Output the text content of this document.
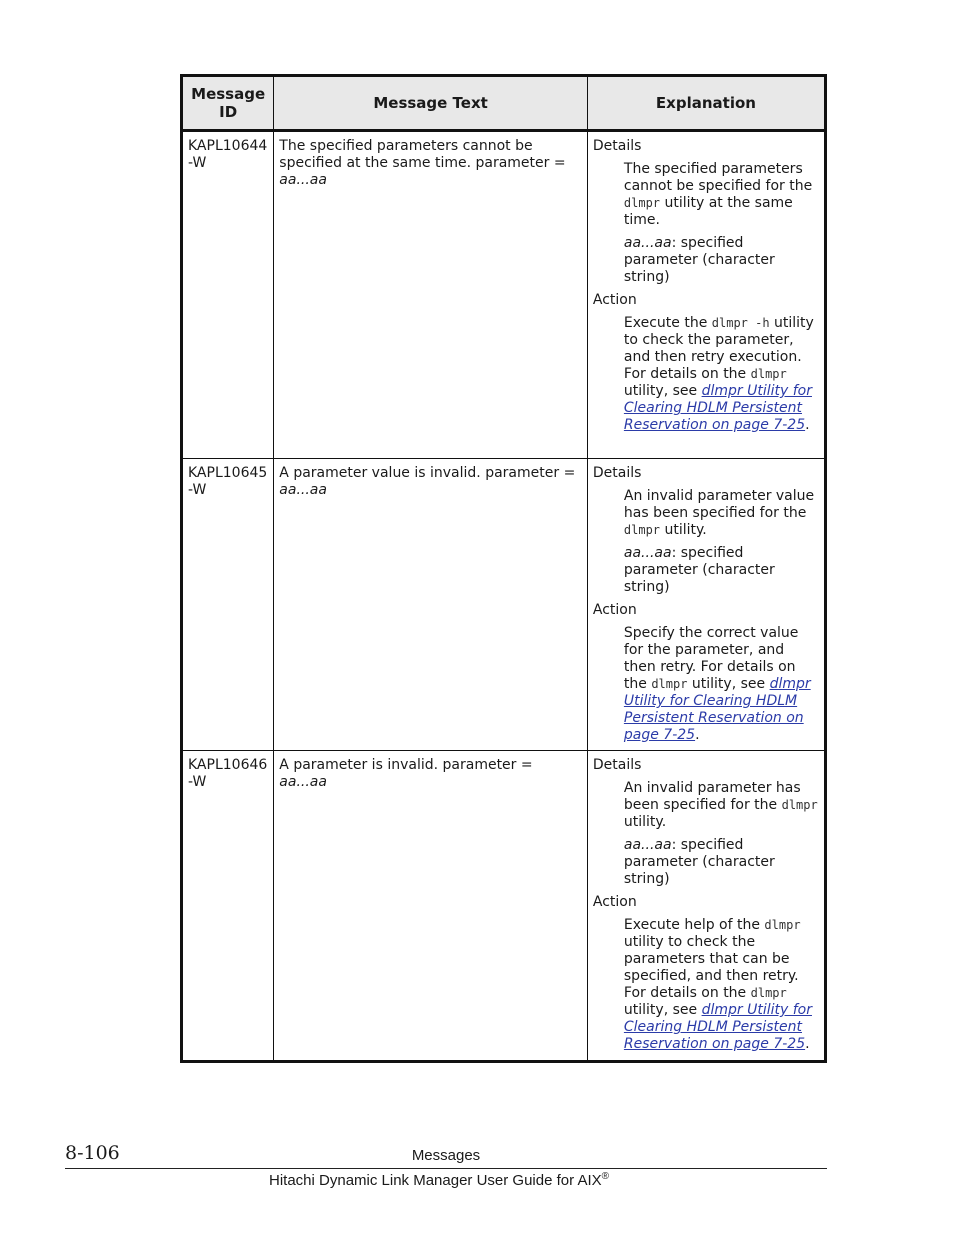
Message ID	Message Text	Explanation
KAPL10644-W	The specified parameters cannot be specified at the same time. parameter = aa...aa	Details

The specified parameters cannot be specified for the dlmpr utility at the same time.

aa...aa: specified parameter (character string)

Action

Execute the dlmpr -h utility to check the parameter, and then retry execution. For details on the dlmpr utility, see dlmpr Utility for Clearing HDLM Persistent Reservation on page 7-25.

KAPL10645-W	A parameter value is invalid. parameter = aa...aa	Details

An invalid parameter value has been specified for the dlmpr utility.

aa...aa: specified parameter (character string)

Action

Specify the correct value for the parameter, and then retry. For details on the dlmpr utility, see dlmpr Utility for Clearing HDLM Persistent Reservation on page 7-25.

KAPL10646-W	A parameter is invalid. parameter = aa...aa	Details

An invalid parameter has been specified for the dlmpr utility.

aa...aa: specified parameter (character string)

Action

Execute help of the dlmpr utility to check the parameters that can be specified, and then retry. For details on the dlmpr utility, see dlmpr Utility for Clearing HDLM Persistent Reservation on page 7-25.

8-106	Messages
Hitachi Dynamic Link Manager User Guide for AIX®
